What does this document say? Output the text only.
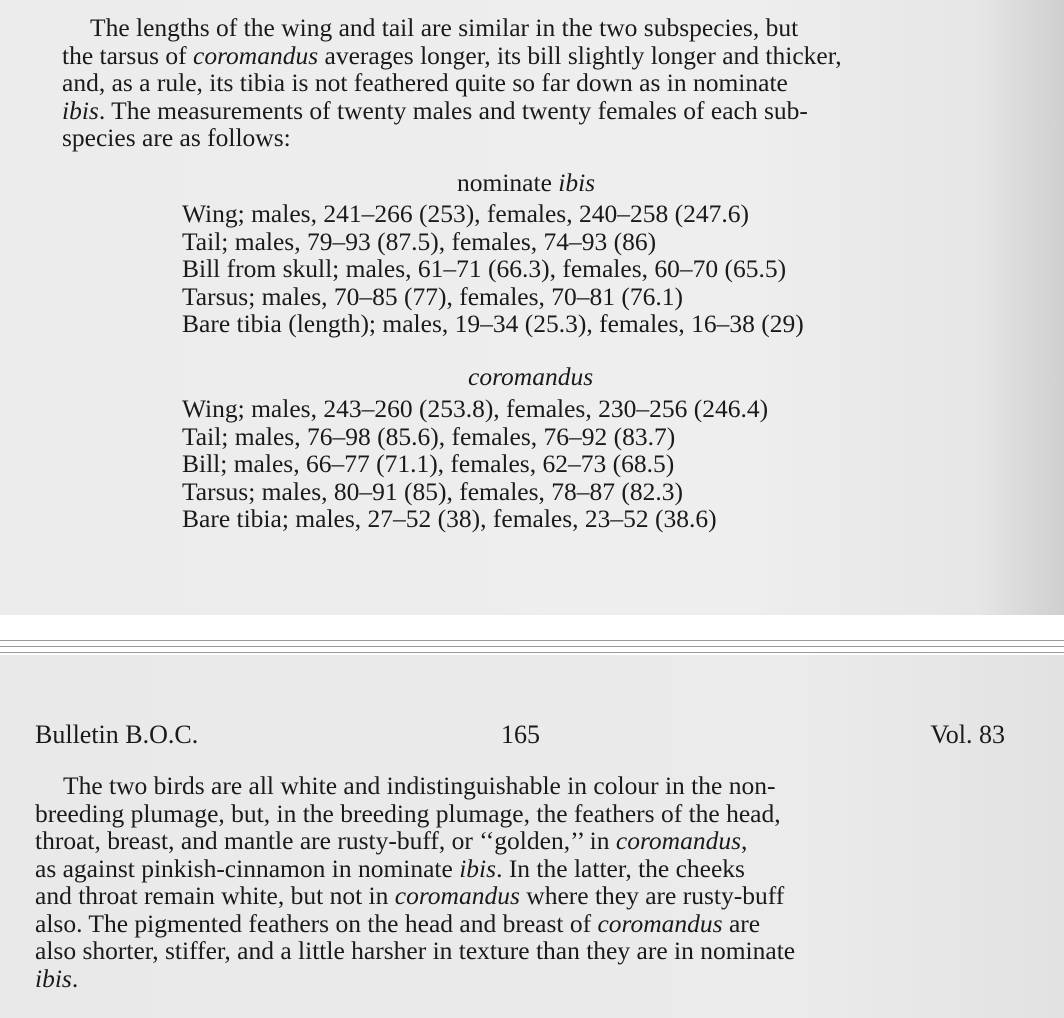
The lengths of the wing and tail are similar in the two subspecies, but
the tarsus of coromandus averages longer, its bill slightly longer and thicker,
and, as a rule, its tibia is not feathered quite so far down as in nominate
ibis. The measurements of twenty males and twenty females of each sub-
species are as follows:
nominate ibis
Wing; males, 241–266 (253), females, 240–258 (247.6)
Tail; males, 79–93 (87.5), females, 74–93 (86)
Bill from skull; males, 61–71 (66.3), females, 60–70 (65.5)
Tarsus; males, 70–85 (77), females, 70–81 (76.1)
Bare tibia (length); males, 19–34 (25.3), females, 16–38 (29)
coromandus
Wing; males, 243–260 (253.8), females, 230–256 (246.4)
Tail; males, 76–98 (85.6), females, 76–92 (83.7)
Bill; males, 66–77 (71.1), females, 62–73 (68.5)
Tarsus; males, 80–91 (85), females, 78–87 (82.3)
Bare tibia; males, 27–52 (38), females, 23–52 (38.6)
Bulletin B.O.C.	165	Vol. 83
The two birds are all white and indistinguishable in colour in the non-
breeding plumage, but, in the breeding plumage, the feathers of the head,
throat, breast, and mantle are rusty-buff, or ‘‘golden,’’ in coromandus,
as against pinkish-cinnamon in nominate ibis. In the latter, the cheeks
and throat remain white, but not in coromandus where they are rusty-buff
also. The pigmented feathers on the head and breast of coromandus are
also shorter, stiffer, and a little harsher in texture than they are in nominate
ibis.
